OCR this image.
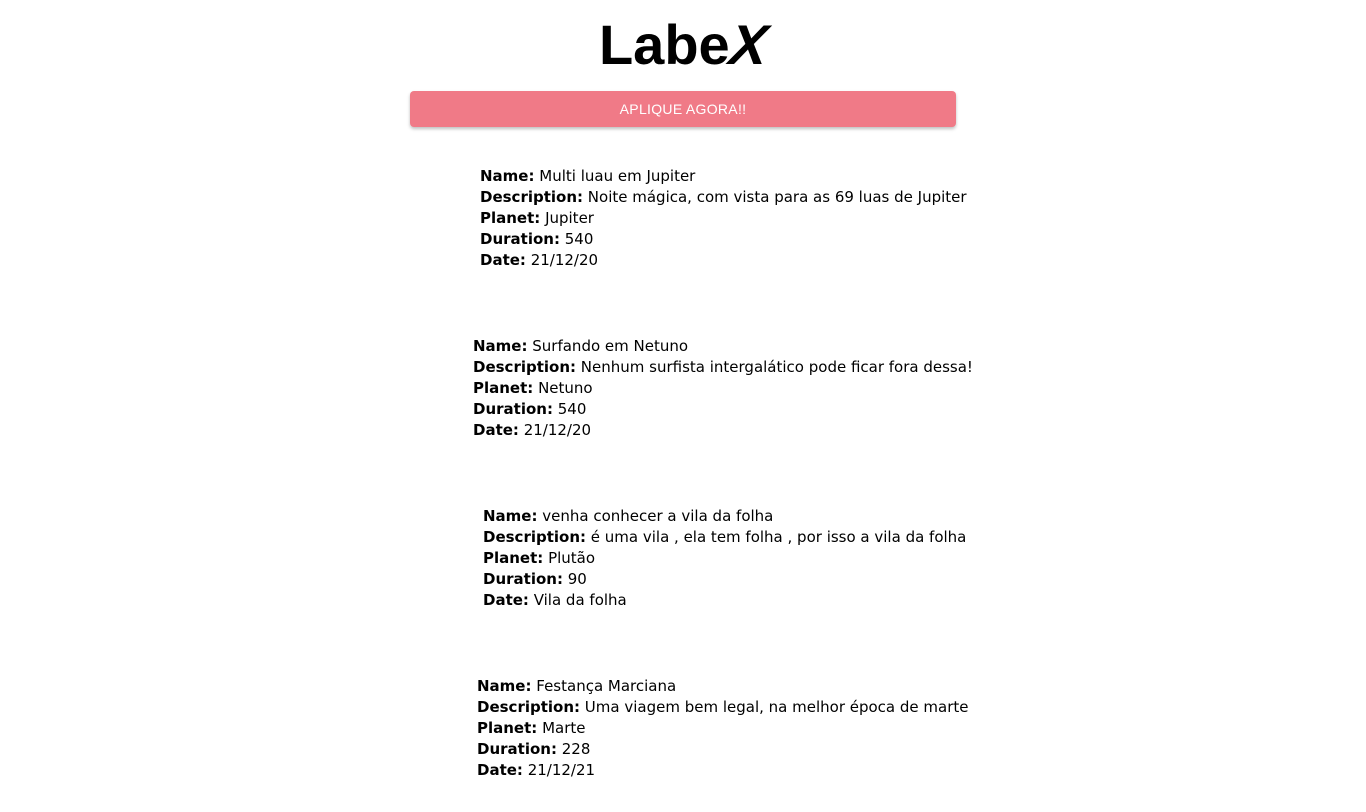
LabeX
APLIQUE AGORA!!
Name: Multi luau em Jupiter
Description: Noite mágica, com vista para as 69 luas de Jupiter
Planet: Jupiter
Duration: 540
Date: 21/12/20
Name: Surfando em Netuno
Description: Nenhum surfista intergalático pode ficar fora dessa!
Planet: Netuno
Duration: 540
Date: 21/12/20
Name: venha conhecer a vila da folha
Description: é uma vila , ela tem folha , por isso a vila da folha
Planet: Plutão
Duration: 90
Date: Vila da folha
Name: Festança Marciana
Description: Uma viagem bem legal, na melhor época de marte
Planet: Marte
Duration: 228
Date: 21/12/21
